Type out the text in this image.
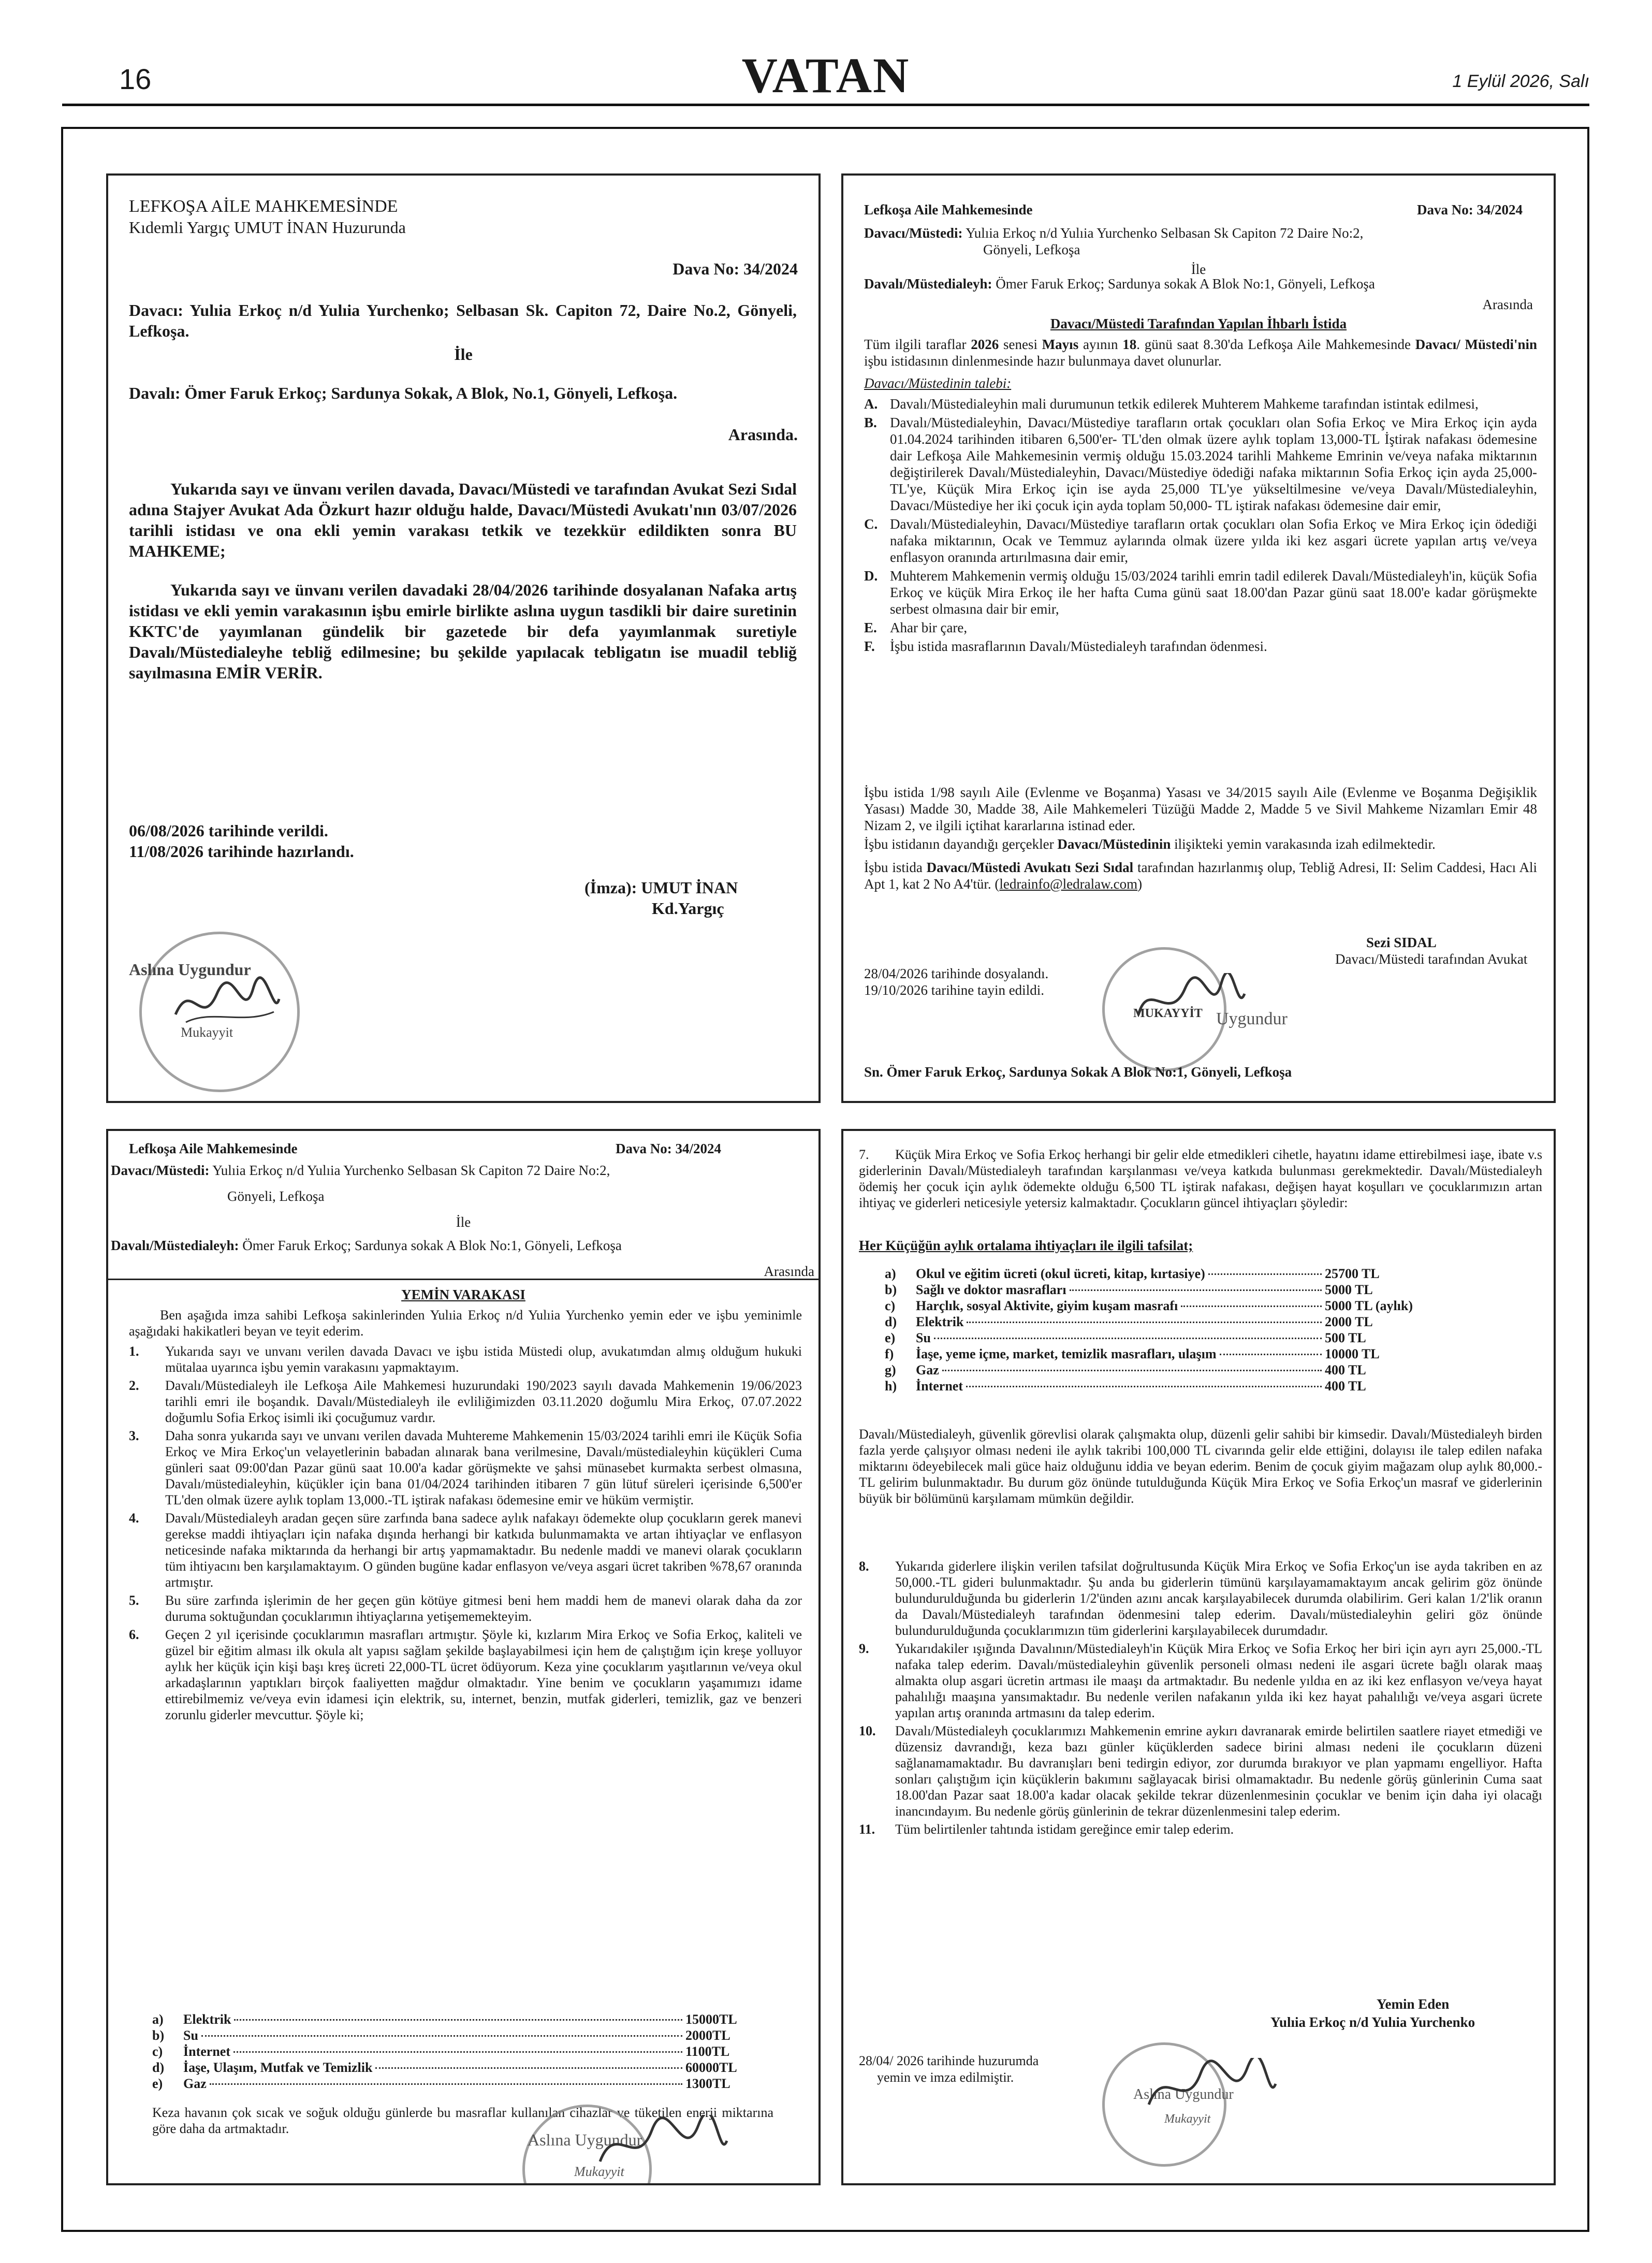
16	VATAN	1 Eylül 2026, Salı
LEFKOŞA AİLE MAHKEMESİNDE
Kıdemli Yargıç UMUT İNAN Huzurunda
Dava No: 34/2024
Davacı: Yulıia Erkoç n/d Yulıia Yurchenko; Selbasan Sk. Capiton 72, Daire No.2, Gönyeli, Lefkoşa.
İle
Davalı: Ömer Faruk Erkoç; Sardunya Sokak, A Blok, No.1, Gönyeli, Lefkoşa.
Arasında.
Yukarıda sayı ve ünvanı verilen davada, Davacı/Müstedi ve tarafından Avukat Sezi Sıdal adına Stajyer Avukat Ada Özkurt hazır olduğu halde, Davacı/Müstedi Avukatı'nın 03/07/2026 tarihli istidası ve ona ekli yemin varakası tetkik ve tezekkür edildikten sonra BU MAHKEME;
Yukarıda sayı ve ünvanı verilen davadaki 28/04/2026 tarihinde dosyalanan Nafaka artış istidası ve ekli yemin varakasının işbu emirle birlikte aslına uygun tasdikli bir daire suretinin KKTC'de yayımlanan gündelik bir gazetede bir defa yayımlanmak suretiyle Davalı/Müstedialeyhe tebliğ edilmesine; bu şekilde yapılacak tebligatın ise muadil tebliğ sayılmasına EMİR VERİR.
06/08/2026 tarihinde verildi.
11/08/2026 tarihinde hazırlandı.
(İmza): UMUT İNAN
Kd.Yargıç
Aslına Uygundur
Mukayyit
Lefkoşa Aile Mahkemesinde	Dava No: 34/2024
Davacı/Müstedi: Yulıia Erkoç n/d Yulıia Yurchenko Selbasan Sk Capiton 72 Daire No:2,
Gönyeli, Lefkoşa
İle
Davalı/Müstedialeyh: Ömer Faruk Erkoç; Sardunya sokak A Blok No:1, Gönyeli, Lefkoşa
Arasında
Davacı/Müstedi Tarafından Yapılan İhbarlı İstida
Tüm ilgili taraflar 2026 senesi Mayıs ayının 18. günü saat 8.30'da Lefkoşa Aile Mahkemesinde Davacı/ Müstedi'nin işbu istidasının dinlenmesinde hazır bulunmaya davet olunurlar.
Davacı/Müstedinin talebi:
A. Davalı/Müstedialeyhin mali durumunun tetkik edilerek Muhterem Mahkeme tarafından istintak edilmesi,
B. Davalı/Müstedialeyhin, Davacı/Müstediye tarafların ortak çocukları olan Sofia Erkoç ve Mira Erkoç için ayda 01.04.2024 tarihinden itibaren 6,500'er- TL'den olmak üzere aylık toplam 13,000-TL İştirak nafakası ödemesine dair Lefkoşa Aile Mahkemesinin vermiş olduğu 15.03.2024 tarihli Mahkeme Emrinin ve/veya nafaka miktarının değiştirilerek Davalı/Müstedialeyhin, Davacı/Müstediye ödediği nafaka miktarının Sofia Erkoç için ayda 25,000- TL'ye, Küçük Mira Erkoç için ise ayda 25,000 TL'ye yükseltilmesine ve/veya Davalı/Müstedialeyhin, Davacı/Müstediye her iki çocuk için ayda toplam 50,000- TL iştirak nafakası ödemesine dair emir,
C. Davalı/Müstedialeyhin, Davacı/Müstediye tarafların ortak çocukları olan Sofia Erkoç ve Mira Erkoç için ödediği nafaka miktarının, Ocak ve Temmuz aylarında olmak üzere yılda iki kez asgari ücrete yapılan artış ve/veya enflasyon oranında artırılmasına dair emir,
D. Muhterem Mahkemenin vermiş olduğu 15/03/2024 tarihli emrin tadil edilerek Davalı/Müstedialeyh'in, küçük Sofia Erkoç ve küçük Mira Erkoç ile her hafta Cuma günü saat 18.00'dan Pazar günü saat 18.00'e kadar görüşmekte serbest olmasına dair bir emir,
E. Ahar bir çare,
F.	İşbu istida masraflarının Davalı/Müstedialeyh tarafından ödenmesi.
İşbu istida 1/98 sayılı Aile (Evlenme ve Boşanma) Yasası ve 34/2015 sayılı Aile (Evlenme ve Boşanma Değişiklik Yasası) Madde 30, Madde 38, Aile Mahkemeleri Tüzüğü Madde 2, Madde 5 ve Sivil Mahkeme Nizamları Emir 48 Nizam 2, ve ilgili içtihat kararlarına istinad eder.
İşbu istidanın dayandığı gerçekler Davacı/Müstedinin ilişikteki yemin varakasında izah edilmektedir.
İşbu istida Davacı/Müstedi Avukatı Sezi Sıdal tarafından hazırlanmış olup, Tebliğ Adresi, II: Selim Caddesi, Hacı Ali Apt 1, kat 2 No A4'tür. (ledrainfo@ledralaw.com)
Sezi SIDAL
Davacı/Müstedi tarafından Avukat
28/04/2026 tarihinde dosyalandı.
19/10/2026 tarihine tayin edildi.
Uygundur
MUKAYYİT
Sn. Ömer Faruk Erkoç, Sardunya Sokak A Blok No:1, Gönyeli, Lefkoşa
Lefkoşa Aile Mahkemesinde	Dava No: 34/2024
Davacı/Müstedi: Yulıia Erkoç n/d Yulıia Yurchenko Selbasan Sk Capiton 72 Daire No:2,
Gönyeli, Lefkoşa
İle
Davalı/Müstedialeyh: Ömer Faruk Erkoç; Sardunya sokak A Blok No:1, Gönyeli, Lefkoşa
Arasında
YEMİN VARAKASI
Ben aşağıda imza sahibi Lefkoşa sakinlerinden Yulıia Erkoç n/d Yulıia Yurchenko yemin eder ve işbu yeminimle aşağıdaki hakikatleri beyan ve teyit ederim.
1.	Yukarıda sayı ve unvanı verilen davada Davacı ve işbu istida Müstedi olup, avukatımdan almış olduğum hukuki mütalaa uyarınca işbu yemin varakasını yapmaktayım.
2.	Davalı/Müstedialeyh ile Lefkoşa Aile Mahkemesi huzurundaki 190/2023 sayılı davada Mahkemenin 19/06/2023 tarihli emri ile boşandık. Davalı/Müstedialeyh ile evliliğimizden 03.11.2020 doğumlu Mira Erkoç, 07.07.2022 doğumlu Sofia Erkoç isimli iki çocuğumuz vardır.
3.	Daha sonra yukarıda sayı ve unvanı verilen davada Muhtereme Mahkemenin 15/03/2024 tarihli emri ile Küçük Sofia Erkoç ve Mira Erkoç'un velayetlerinin babadan alınarak bana verilmesine, Davalı/müstedialeyhin küçükleri Cuma günleri saat 09:00'dan Pazar günü saat 10.00'a kadar görüşmekte ve şahsi münasebet kurmakta serbest olmasına, Davalı/müstedialeyhin, küçükler için bana 01/04/2024 tarihinden itibaren 7 gün lütuf süreleri içerisinde 6,500'er TL'den olmak üzere aylık toplam 13,000.-TL iştirak nafakası ödemesine emir ve hüküm vermiştir.
4.	Davalı/Müstedialeyh aradan geçen süre zarfında bana sadece aylık nafakayı ödemekte olup çocukların gerek manevi gerekse maddi ihtiyaçları için nafaka dışında herhangi bir katkıda bulunmamakta ve artan ihtiyaçlar ve enflasyon neticesinde nafaka miktarında da herhangi bir artış yapmamaktadır. Bu nedenle maddi ve manevi olarak çocukların tüm ihtiyacını ben karşılamaktayım. O günden bugüne kadar enflasyon ve/veya asgari ücret takriben %78,67 oranında artmıştır.
5.	Bu süre zarfında işlerimin de her geçen gün kötüye gitmesi beni hem maddi hem de manevi olarak daha da zor duruma soktuğundan çocuklarımın ihtiyaçlarına yetişememekteyim.
6.	Geçen 2 yıl içerisinde çocuklarımın masrafları artmıştır. Şöyle ki, kızlarım Mira Erkoç ve Sofia Erkoç, kaliteli ve güzel bir eğitim alması ilk okula alt yapısı sağlam şekilde başlayabilmesi için hem de çalıştığım için kreşe yolluyor aylık her küçük için kişi başı kreş ücreti 22,000-TL ücret ödüyorum. Keza yine çocuklarım yaşıtlarının ve/veya okul arkadaşlarının yaptıkları birçok faaliyetten mağdur olmaktadır. Yine benim ve çocukların yaşamımızı idame ettirebilmemiz ve/veya evin idamesi için elektrik, su, internet, benzin, mutfak giderleri, temizlik, gaz ve benzeri zorunlu giderler mevcuttur. Şöyle ki;
a)	Elektrik	15000TL
b)	Su	2000TL
c)	İnternet	1100TL
d)	İaşe, Ulaşım, Mutfak ve Temizlik	60000TL
e)	Gaz	1300TL
Keza havanın çok sıcak ve soğuk olduğu günlerde bu masraflar kullanılan cihazlar ve tüketilen enerji miktarına göre daha da artmaktadır.
Aslına Uygundur
Mukayyit
7. Küçük Mira Erkoç ve Sofia Erkoç herhangi bir gelir elde etmedikleri cihetle, hayatını idame ettirebilmesi iaşe, ibate v.s giderlerinin Davalı/Müstedialeyh tarafından karşılanması ve/veya katkıda bulunması gerekmektedir. Davalı/Müstedialeyh ödemiş her çocuk için aylık ödemekte olduğu 6,500 TL iştirak nafakası, değişen hayat koşulları ve çocuklarımızın artan ihtiyaç ve giderleri neticesiyle yetersiz kalmaktadır. Çocukların güncel ihtiyaçları şöyledir:
Her Küçüğün aylık ortalama ihtiyaçları ile ilgili tafsilat;
a)	Okul ve eğitim ücreti (okul ücreti, kitap, kırtasiye)	25700 TL
b)	Sağlı ve doktor masrafları	5000 TL
c)	Harçlık, sosyal Aktivite, giyim kuşam masrafı	5000 TL (aylık)
d)	Elektrik	2000 TL
e)	Su	500 TL
f)	İaşe, yeme içme, market, temizlik masrafları, ulaşım	10000 TL
g)	Gaz	400 TL
h)	İnternet	400 TL
Davalı/Müstedialeyh, güvenlik görevlisi olarak çalışmakta olup, düzenli gelir sahibi bir kimsedir. Davalı/Müstedialeyh birden fazla yerde çalışıyor olması nedeni ile aylık takribi 100,000 TL civarında gelir elde ettiğini, dolayısı ile talep edilen nafaka miktarını ödeyebilecek mali güce haiz olduğunu iddia ve beyan ederim. Benim de çocuk giyim mağazam olup aylık 80,000.-TL gelirim bulunmaktadır. Bu durum göz önünde tutulduğunda Küçük Mira Erkoç ve Sofia Erkoç'un masraf ve giderlerinin büyük bir bölümünü karşılamam mümkün değildir.
8.	Yukarıda giderlere ilişkin verilen tafsilat doğrultusunda Küçük Mira Erkoç ve Sofia Erkoç'un ise ayda takriben en az 50,000.-TL gideri bulunmaktadır. Şu anda bu giderlerin tümünü karşılayamamaktayım ancak gelirim göz önünde bulundurulduğunda bu giderlerin 1/2'ünden azını ancak karşılayabilecek durumda olabilirim. Geri kalan 1/2'lik oranın da Davalı/Müstedialeyh tarafından ödenmesini talep ederim. Davalı/müstedialeyhin geliri göz önünde bulundurulduğunda çocuklarımızın tüm giderlerini karşılayabilecek durumdadır.
9.	Yukarıdakiler ışığında Davalının/Müstedialeyh'in Küçük Mira Erkoç ve Sofia Erkoç her biri için ayrı ayrı 25,000.-TL nafaka talep ederim. Davalı/müstedialeyhin güvenlik personeli olması nedeni ile asgari ücrete bağlı olarak maaş almakta olup asgari ücretin artması ile maaşı da artmaktadır. Bu nedenle yıldıa en az iki kez enflasyon ve/veya hayat pahalılığı maaşına yansımaktadır. Bu nedenle verilen nafakanın yılda iki kez hayat pahalılığı ve/veya asgari ücrete yapılan artış oranında artmasını da talep ederim.
10.	Davalı/Müstedialeyh çocuklarımızı Mahkemenin emrine aykırı davranarak emirde belirtilen saatlere riayet etmediği ve düzensiz davrandığı, keza bazı günler küçüklerden sadece birini alması nedeni ile çocukların düzeni sağlanamamaktadır. Bu davranışları beni tedirgin ediyor, zor durumda bırakıyor ve plan yapmamı engelliyor. Hafta sonları çalıştığım için küçüklerin bakımını sağlayacak birisi olmamaktadır. Bu nedenle görüş günlerinin Cuma saat 18.00'dan Pazar saat 18.00'a kadar olacak şekilde tekrar düzenlenmesinin çocuklar ve benim için daha iyi olacağı inancındayım. Bu nedenle görüş günlerinin de tekrar düzenlenmesini talep ederim.
11.	Tüm belirtilenler tahtında istidam gereğince emir talep ederim.
Yemin Eden
Yulıia Erkoç n/d Yulıia Yurchenko
28/04/ 2026 tarihinde huzurumda
yemin ve imza edilmiştir.
Aslına Uygundur
Mukayyit
